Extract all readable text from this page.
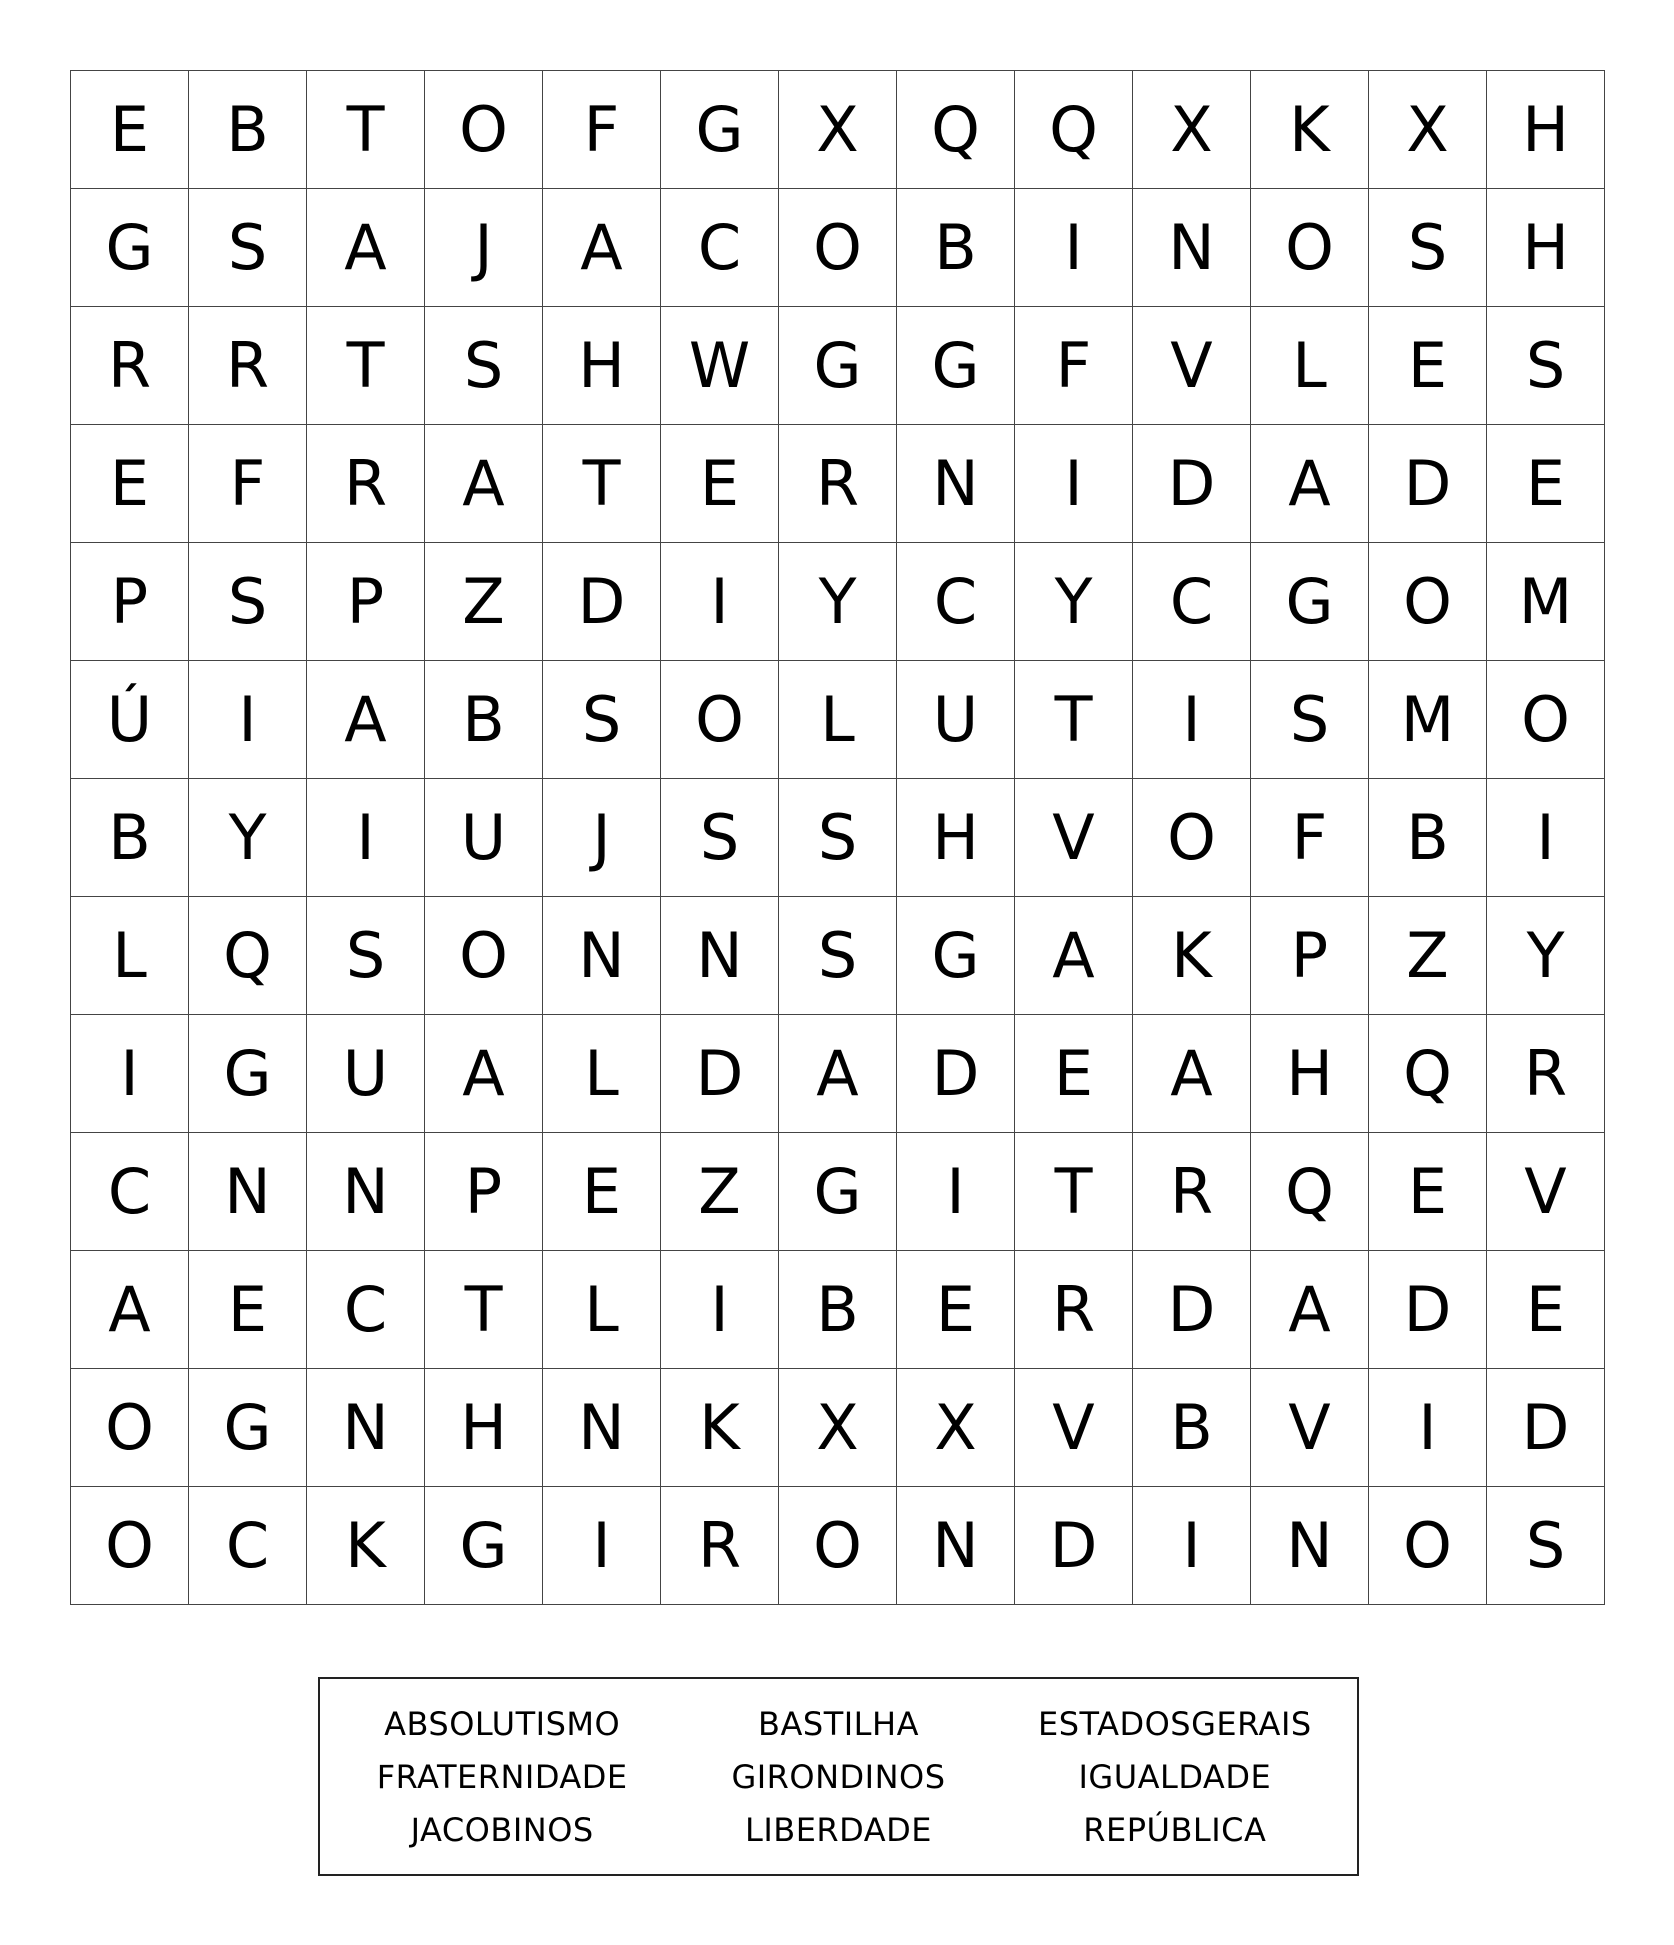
E	B	T	O	F	G	X	Q	Q	X	K	X	H
G	S	A	J	A	C	O	B	I	N	O	S	H
R	R	T	S	H	W	G	G	F	V	L	E	S
E	F	R	A	T	E	R	N	I	D	A	D	E
P	S	P	Z	D	I	Y	C	Y	C	G	O	M
Ú	I	A	B	S	O	L	U	T	I	S	M	O
B	Y	I	U	J	S	S	H	V	O	F	B	I
L	Q	S	O	N	N	S	G	A	K	P	Z	Y
I	G	U	A	L	D	A	D	E	A	H	Q	R
C	N	N	P	E	Z	G	I	T	R	Q	E	V
A	E	C	T	L	I	B	E	R	D	A	D	E
O	G	N	H	N	K	X	X	V	B	V	I	D
O	C	K	G	I	R	O	N	D	I	N	O	S
ABSOLUTISMO	BASTILHA	ESTADOSGERAIS
FRATERNIDADE	GIRONDINOS	IGUALDADE
JACOBINOS	LIBERDADE	REPÚBLICA
